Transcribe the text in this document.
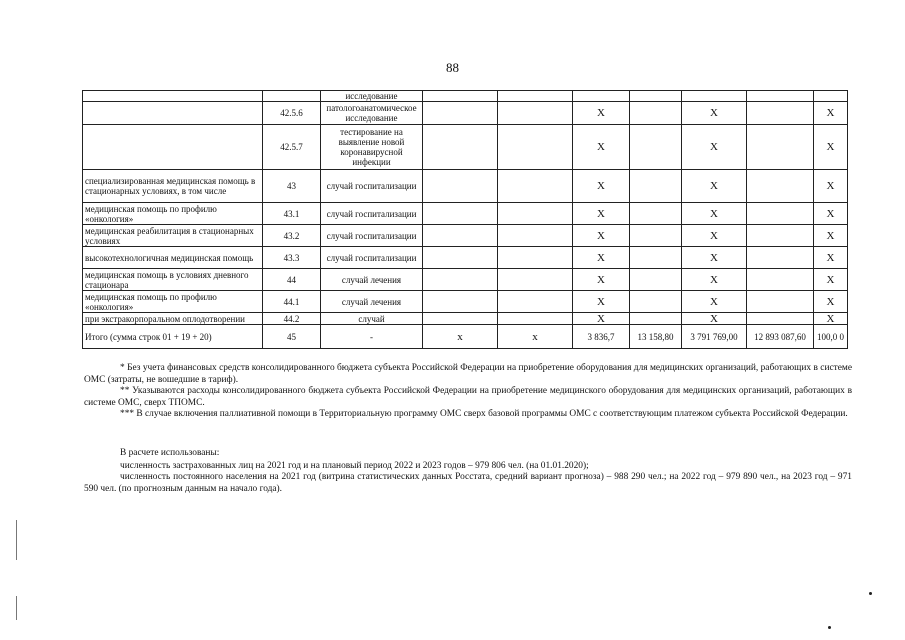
88
		исследование							
	42.5.6	патологоанатомическое исследование			X		X		X
	42.5.7	тестирование на выявление новой коронавирусной инфекции			X		X		X
специализированная медицинская помощь в стационарных условиях, в том числе	43	случай госпитализации			X		X		X
медицинская помощь по профилю «онкология»	43.1	случай госпитализации			X		X		X
медицинская реабилитация в стационарных условиях	43.2	случай госпитализации			X		X		X
высокотехнологичная медицинская помощь	43.3	случай госпитализации			X		X		X
медицинская помощь в условиях дневного стационара	44	случай лечения			X		X		X
медицинская помощь по профилю «онкология»	44.1	случай лечения			X		X		X
при экстракорпоральном оплодотворении	44.2	случай			X		X		X
Итого (сумма строк 01 + 19 + 20)	45	-	x	x	3 836,7	13 158,80	3 791 769,00	12 893 087,60	100,0 0

* Без учета финансовых средств консолидированного бюджета субъекта Российской Федерации на приобретение оборудования для медицинских организаций, работающих в системе ОМС (затраты, не вошедшие в тариф).

** Указываются расходы консолидированного бюджета субъекта Российской Федерации на приобретение медицинского оборудования для медицинских организаций, работающих в системе ОМС, сверх ТПОМС.

*** В случае включения паллиативной помощи в Территориальную программу ОМС сверх базовой программы ОМС с соответствующим платежом субъекта Российской Федерации.

В расчете использованы:

численность застрахованных лиц на 2021 год и на плановый период 2022 и 2023 годов – 979 806 чел. (на 01.01.2020);

численность постоянного населения на 2021 год (витрина статистических данных Росстата, средний вариант прогноза) – 988 290 чел.; на 2022 год – 979 890 чел., на 2023 год – 971 590 чел. (по прогнозным данным на начало года).
